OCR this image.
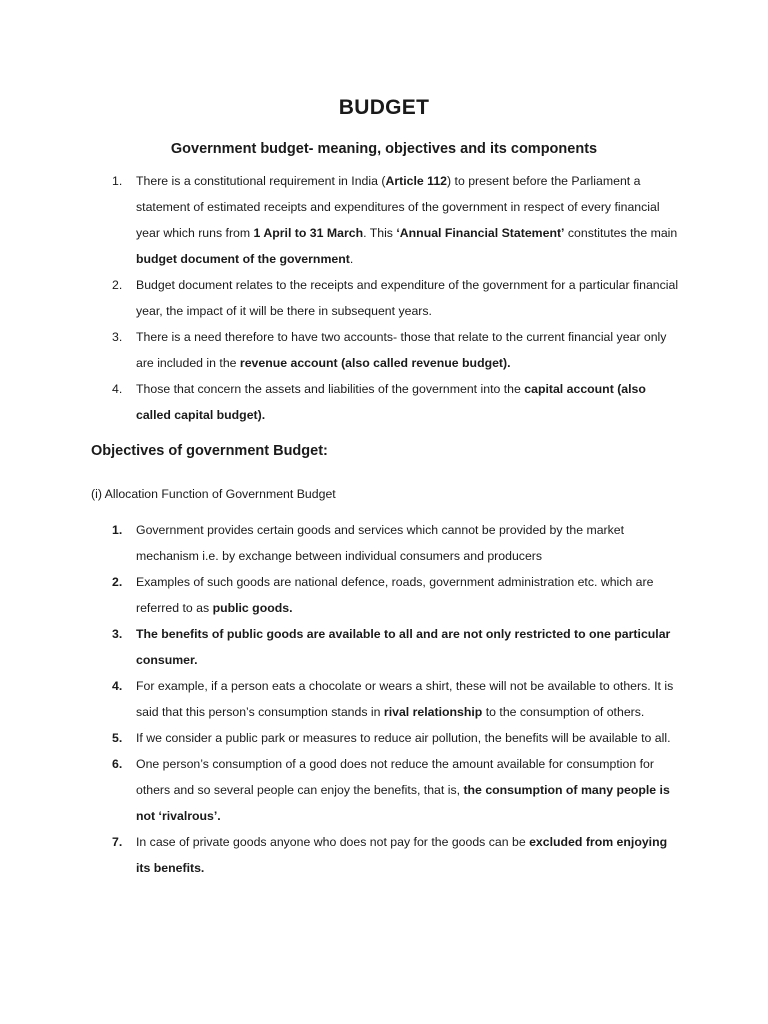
BUDGET
Government budget- meaning, objectives and its components
1.	There is a constitutional requirement in India (Article 112) to present before the Parliament a statement of estimated receipts and expenditures of the government in respect of every financial year which runs from 1 April to 31 March. This ‘Annual Financial Statement’ constitutes the main budget document of the government.
2.	Budget document relates to the receipts and expenditure of the government for a particular financial year, the impact of it will be there in subsequent years.
3.	There is a need therefore to have two accounts- those that relate to the current financial year only are included in the revenue account (also called revenue budget).
4.	Those that concern the assets and liabilities of the government into the capital account (also called capital budget).
Objectives of government Budget:
(i) Allocation Function of Government Budget
1.	Government provides certain goods and services which cannot be provided by the market mechanism i.e. by exchange between individual consumers and producers
2.	Examples of such goods are national defence, roads, government administration etc. which are referred to as public goods.
3.	The benefits of public goods are available to all and are not only restricted to one particular consumer.
4.	For example, if a person eats a chocolate or wears a shirt, these will not be available to others. It is said that this person’s consumption stands in rival relationship to the consumption of others.
5.	If we consider a public park or measures to reduce air pollution, the benefits will be available to all.
6.	One person’s consumption of a good does not reduce the amount available for consumption for others and so several people can enjoy the benefits, that is, the consumption of many people is not ‘rivalrous’.
7.	In case of private goods anyone who does not pay for the goods can be excluded from enjoying its benefits.
